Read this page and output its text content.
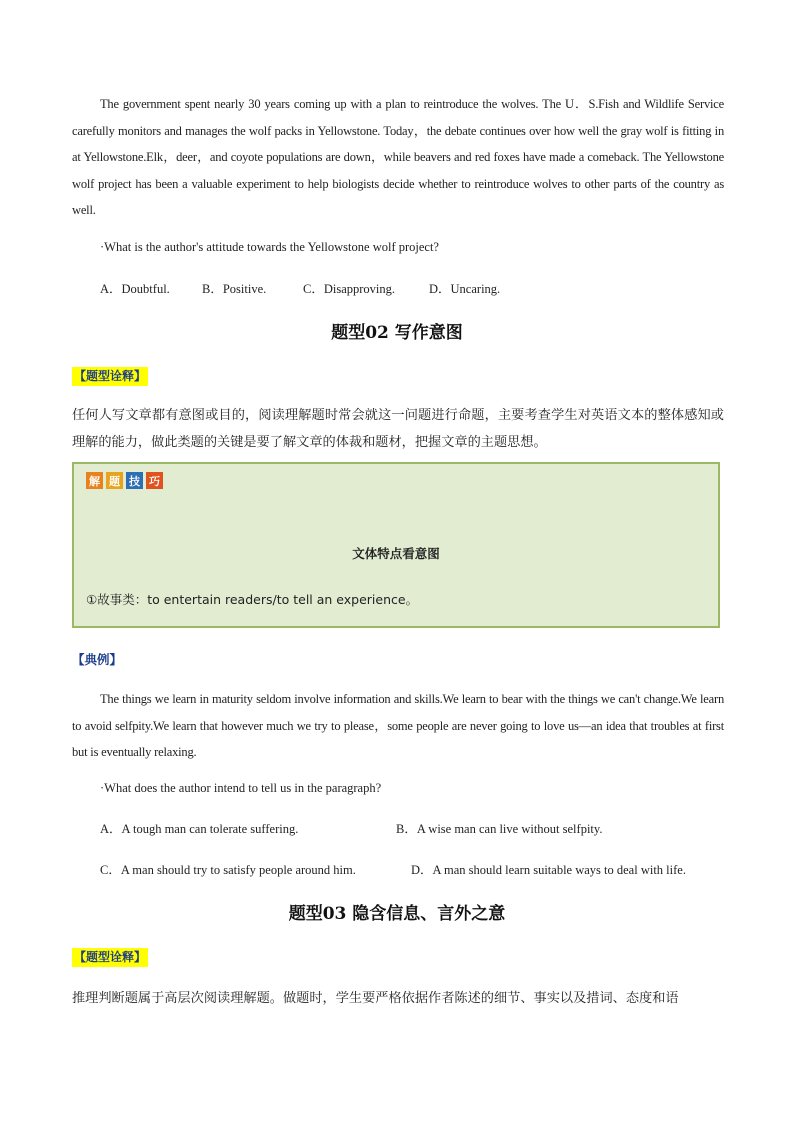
The government spent nearly 30 years coming up with a plan to reintroduce the wolves. The U．S.Fish and Wildlife Service carefully monitors and manages the wolf packs in Yellowstone. Today，the debate continues over how well the gray wolf is fitting in at Yellowstone.Elk，deer，and coyote populations are down，while beavers and red foxes have made a comeback. The Yellowstone wolf project has been a valuable experiment to help biologists decide whether to reintroduce wolves to other parts of the country as well.

·What is the author's attitude towards the Yellowstone wolf project?
A．Doubtful.	B．Positive.	C．Disapproving.	D．Uncaring.
题型02 写作意图
【题型诠释】

任何人写文章都有意图或目的，阅读理解题时常会就这一问题进行命题，主要考查学生对英语文本的整体感知或理解的能力，做此类题的关键是要了解文章的体裁和题材，把握文章的主题思想。

解 题 技 巧
文体特点看意图
①故事类：to entertain readers/to tell an experience。
【典例】

The things we learn in maturity seldom involve information and skills.We learn to bear with the things we can't change.We learn to avoid selfpity.We learn that however much we try to please，some people are never going to love us—an idea that troubles at first but is eventually relaxing.

·What does the author intend to tell us in the paragraph?
A．A tough man can tolerate suffering.	B．A wise man can live without selfpity.
C．A man should try to satisfy people around him.	D．A man should learn suitable ways to deal with life.
题型03 隐含信息、言外之意
【题型诠释】

推理判断题属于高层次阅读理解题。做题时，学生要严格依据作者陈述的细节、事实以及措词、态度和语
